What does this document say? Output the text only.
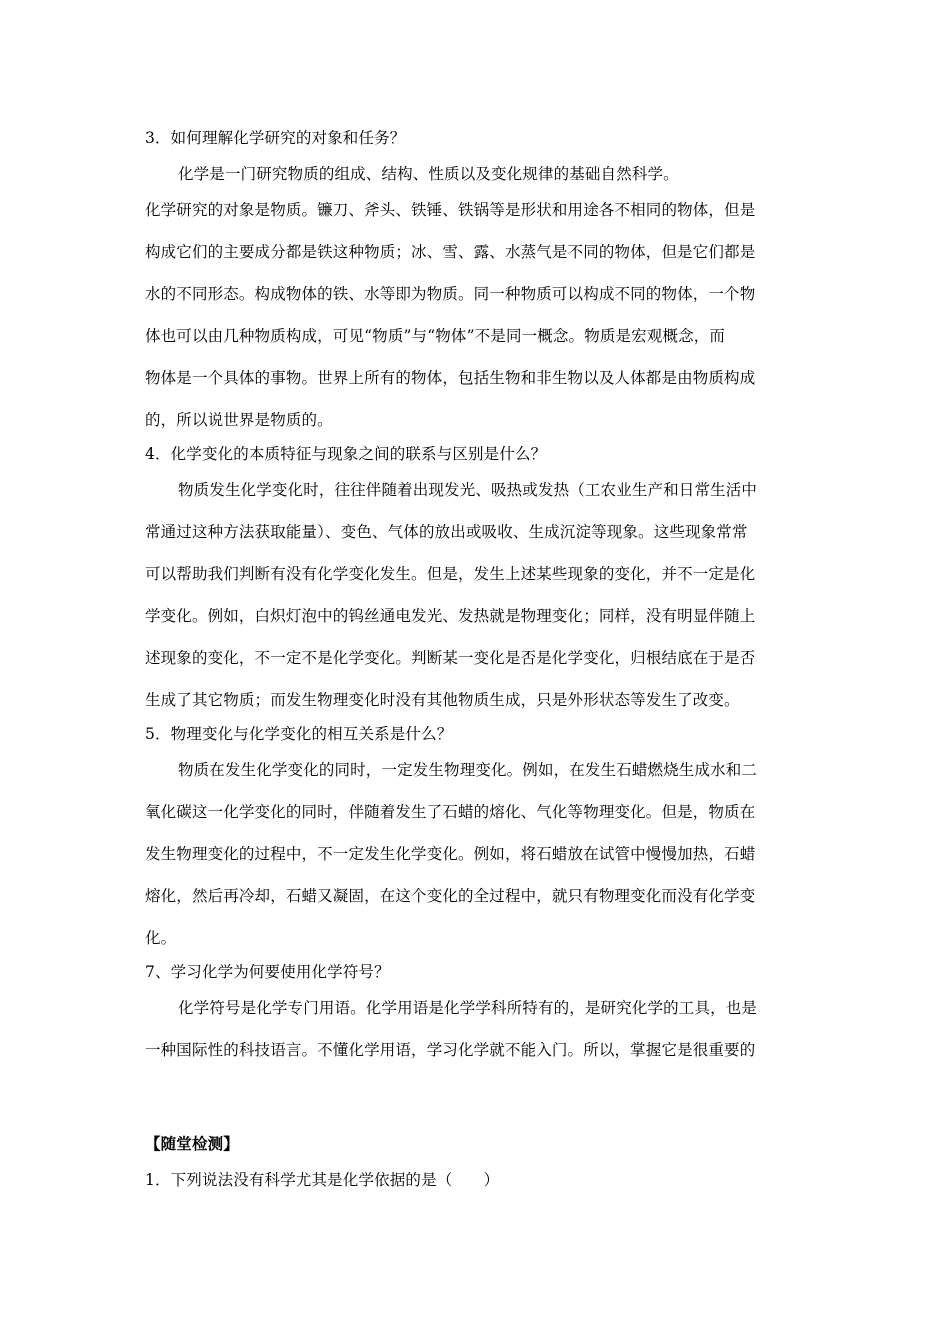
3．如何理解化学研究的对象和任务？
化学是一门研究物质的组成、结构、性质以及变化规律的基础自然科学。
化学研究的对象是物质。镰刀、斧头、铁锤、铁锅等是形状和用途各不相同的物体，但是
构成它们的主要成分都是铁这种物质；冰、雪、露、水蒸气是不同的物体，但是它们都是
水的不同形态。构成物体的铁、水等即为物质。同一种物质可以构成不同的物体，一个物
体也可以由几种物质构成，可见“物质”与“物体”不是同一概念。物质是宏观概念，而
物体是一个具体的事物。世界上所有的物体，包括生物和非生物以及人体都是由物质构成
的，所以说世界是物质的。
4．化学变化的本质特征与现象之间的联系与区别是什么？
物质发生化学变化时，往往伴随着出现发光、吸热或发热（工农业生产和日常生活中
常通过这种方法获取能量）、变色、气体的放出或吸收、生成沉淀等现象。这些现象常常
可以帮助我们判断有没有化学变化发生。但是，发生上述某些现象的变化，并不一定是化
学变化。例如，白炽灯泡中的钨丝通电发光、发热就是物理变化；同样，没有明显伴随上
述现象的变化，不一定不是化学变化。判断某一变化是否是化学变化，归根结底在于是否
生成了其它物质；而发生物理变化时没有其他物质生成，只是外形状态等发生了改变。
5．物理变化与化学变化的相互关系是什么？
物质在发生化学变化的同时，一定发生物理变化。例如，在发生石蜡燃烧生成水和二
氧化碳这一化学变化的同时，伴随着发生了石蜡的熔化、气化等物理变化。但是，物质在
发生物理变化的过程中，不一定发生化学变化。例如，将石蜡放在试管中慢慢加热，石蜡
熔化，然后再冷却，石蜡又凝固，在这个变化的全过程中，就只有物理变化而没有化学变
化。
7、学习化学为何要使用化学符号？
化学符号是化学专门用语。化学用语是化学学科所特有的，是研究化学的工具，也是
一种国际性的科技语言。不懂化学用语，学习化学就不能入门。所以，掌握它是很重要的
【随堂检测】
1．下列说法没有科学尤其是化学依据的是（　　）
